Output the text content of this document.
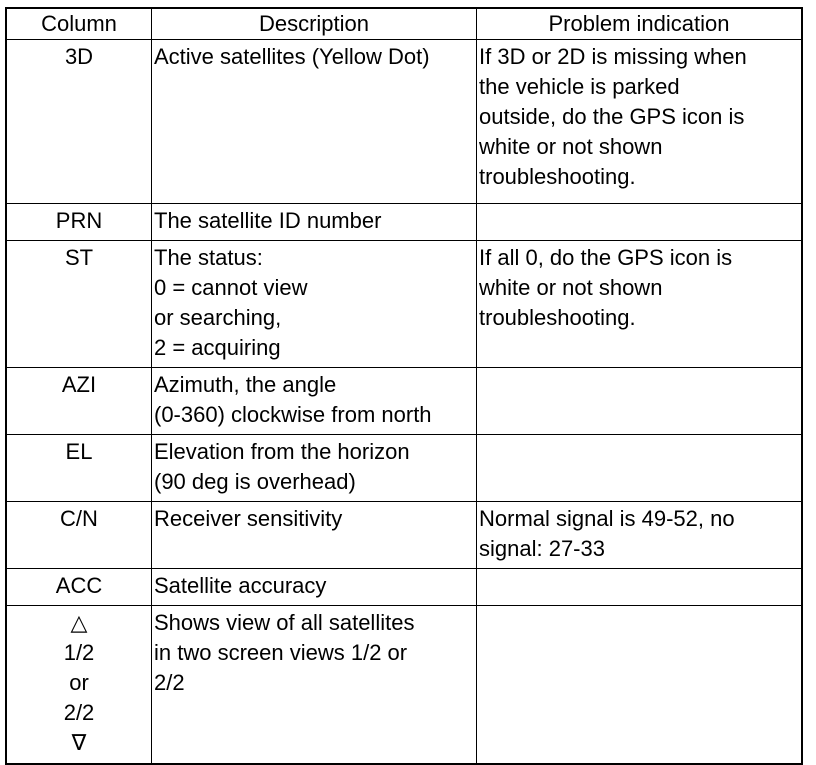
Column	Description	Problem indication

3D	Active satellites (Yellow Dot)	If 3D or 2D is missing when
the vehicle is parked
outside, do the GPS icon is
white or not shown
troubleshooting.

PRN	The satellite ID number	

ST	The status:
0 = cannot view
or searching,
2 = acquiring	If all 0, do the GPS icon is
white or not shown
troubleshooting.

AZI	Azimuth, the angle
(0-360) clockwise from north	

EL	Elevation from the horizon
(90 deg is overhead)	

C/N	Receiver sensitivity	Normal signal is 49-52, no
signal: 27-33

ACC	Satellite accuracy	

△
1/2
or
2/2
∇	Shows view of all satellites
in two screen views 1/2 or
2/2	
